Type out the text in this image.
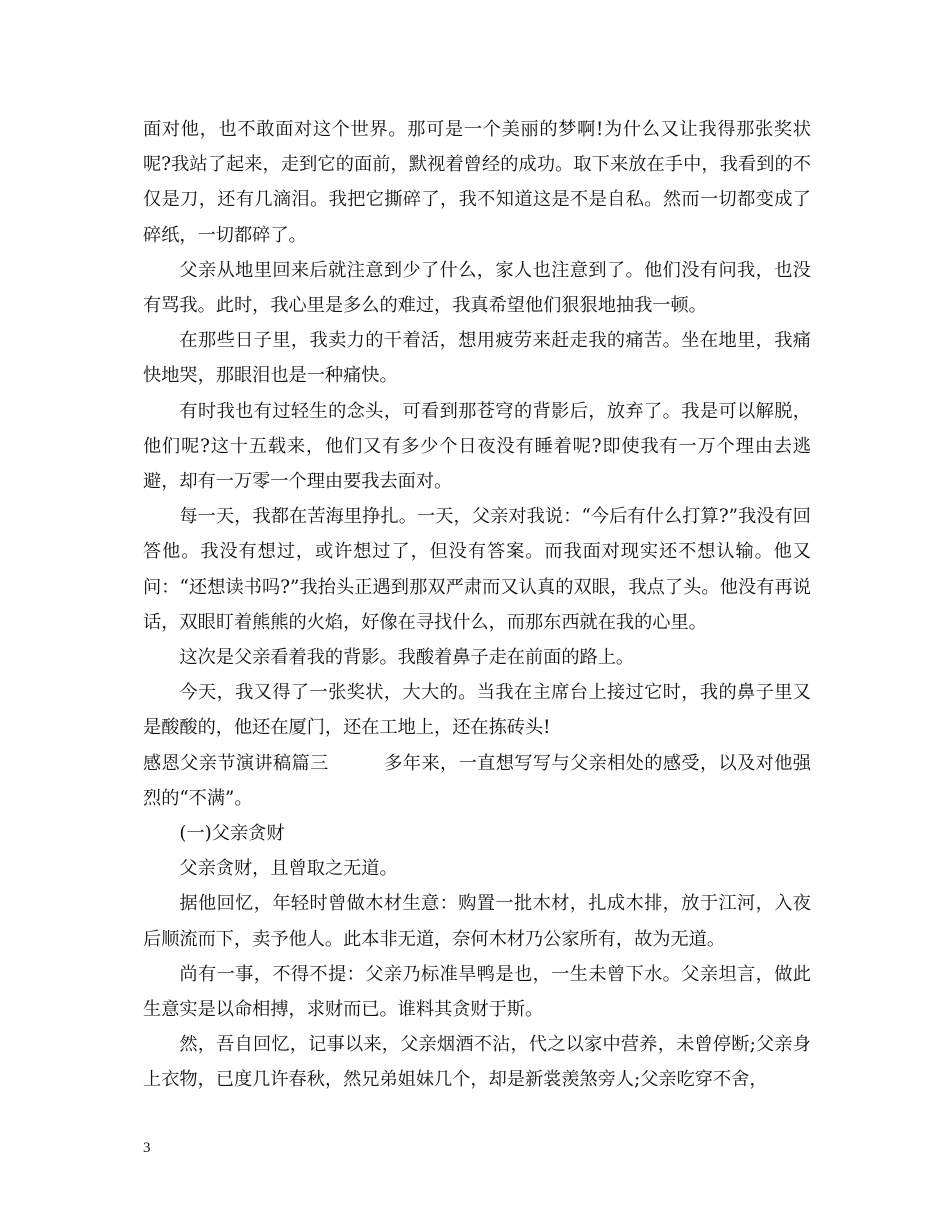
面对他，也不敢面对这个世界。那可是一个美丽的梦啊!为什么又让我得那张奖状呢?我站了起来，走到它的面前，默视着曾经的成功。取下来放在手中，我看到的不仅是刀，还有几滴泪。我把它撕碎了，我不知道这是不是自私。然而一切都变成了碎纸，一切都碎了。

父亲从地里回来后就注意到少了什么，家人也注意到了。他们没有问我，也没有骂我。此时，我心里是多么的难过，我真希望他们狠狠地抽我一顿。

在那些日子里，我卖力的干着活，想用疲劳来赶走我的痛苦。坐在地里，我痛快地哭，那眼泪也是一种痛快。

有时我也有过轻生的念头，可看到那苍穹的背影后，放弃了。我是可以解脱，他们呢?这十五载来，他们又有多少个日夜没有睡着呢?即使我有一万个理由去逃避，却有一万零一个理由要我去面对。

每一天，我都在苦海里挣扎。一天，父亲对我说：“今后有什么打算?”我没有回答他。我没有想过，或许想过了，但没有答案。而我面对现实还不想认输。他又问：“还想读书吗?”我抬头正遇到那双严肃而又认真的双眼，我点了头。他没有再说话，双眼盯着熊熊的火焰，好像在寻找什么，而那东西就在我的心里。

这次是父亲看着我的背影。我酸着鼻子走在前面的路上。

今天，我又得了一张奖状，大大的。当我在主席台上接过它时，我的鼻子里又是酸酸的，他还在厦门，还在工地上，还在拣砖头!

感恩父亲节演讲稿篇三　　　多年来，一直想写写与父亲相处的感受，以及对他强烈的“不满”。

(一)父亲贪财

父亲贪财，且曾取之无道。

据他回忆，年轻时曾做木材生意：购置一批木材，扎成木排，放于江河，入夜后顺流而下，卖予他人。此本非无道，奈何木材乃公家所有，故为无道。

尚有一事，不得不提：父亲乃标准旱鸭是也，一生未曾下水。父亲坦言，做此生意实是以命相搏，求财而已。谁料其贪财于斯。

然，吾自回忆，记事以来，父亲烟酒不沾，代之以家中营养，未曾停断;父亲身上衣物，已度几许春秋，然兄弟姐妹几个，却是新裳羡煞旁人;父亲吃穿不舍，

3
